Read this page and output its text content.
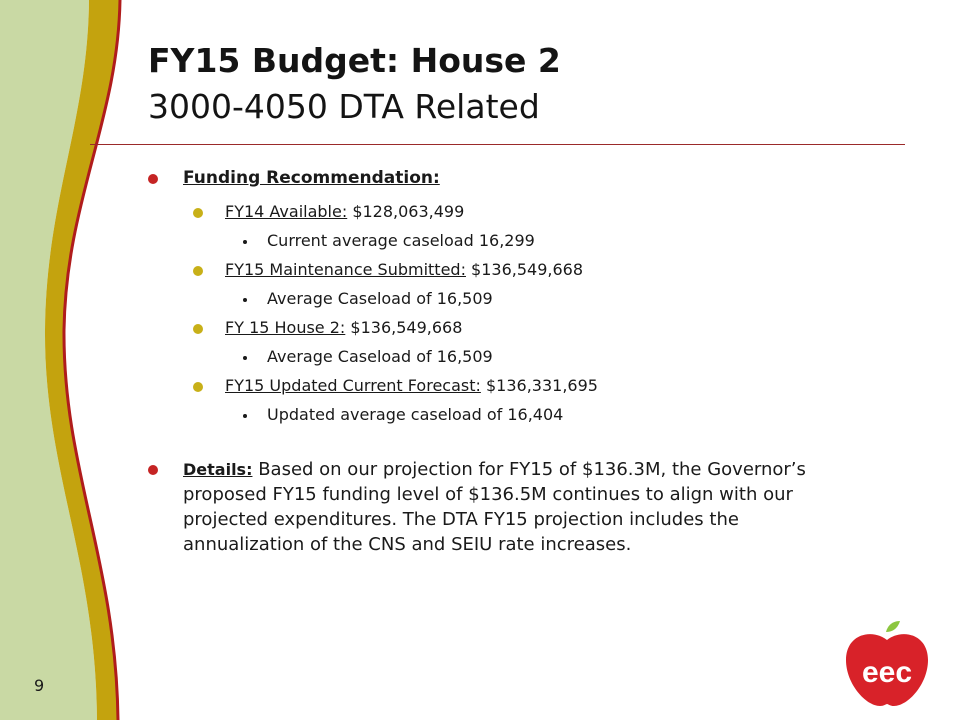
FY15 Budget: House 2
3000-4050 DTA Related
Funding Recommendation:
FY14 Available: $128,063,499
Current average caseload 16,299
FY15 Maintenance Submitted: $136,549,668
Average Caseload of 16,509
FY 15 House 2: $136,549,668
Average Caseload of 16,509
FY15 Updated Current Forecast: $136,331,695
Updated average caseload of 16,404
Details: Based on our projection for FY15 of $136.3M, the Governor’s proposed FY15 funding level of $136.5M continues to align with our projected expenditures. The DTA FY15 projection includes the annualization of the CNS and SEIU rate increases.
9	eec
